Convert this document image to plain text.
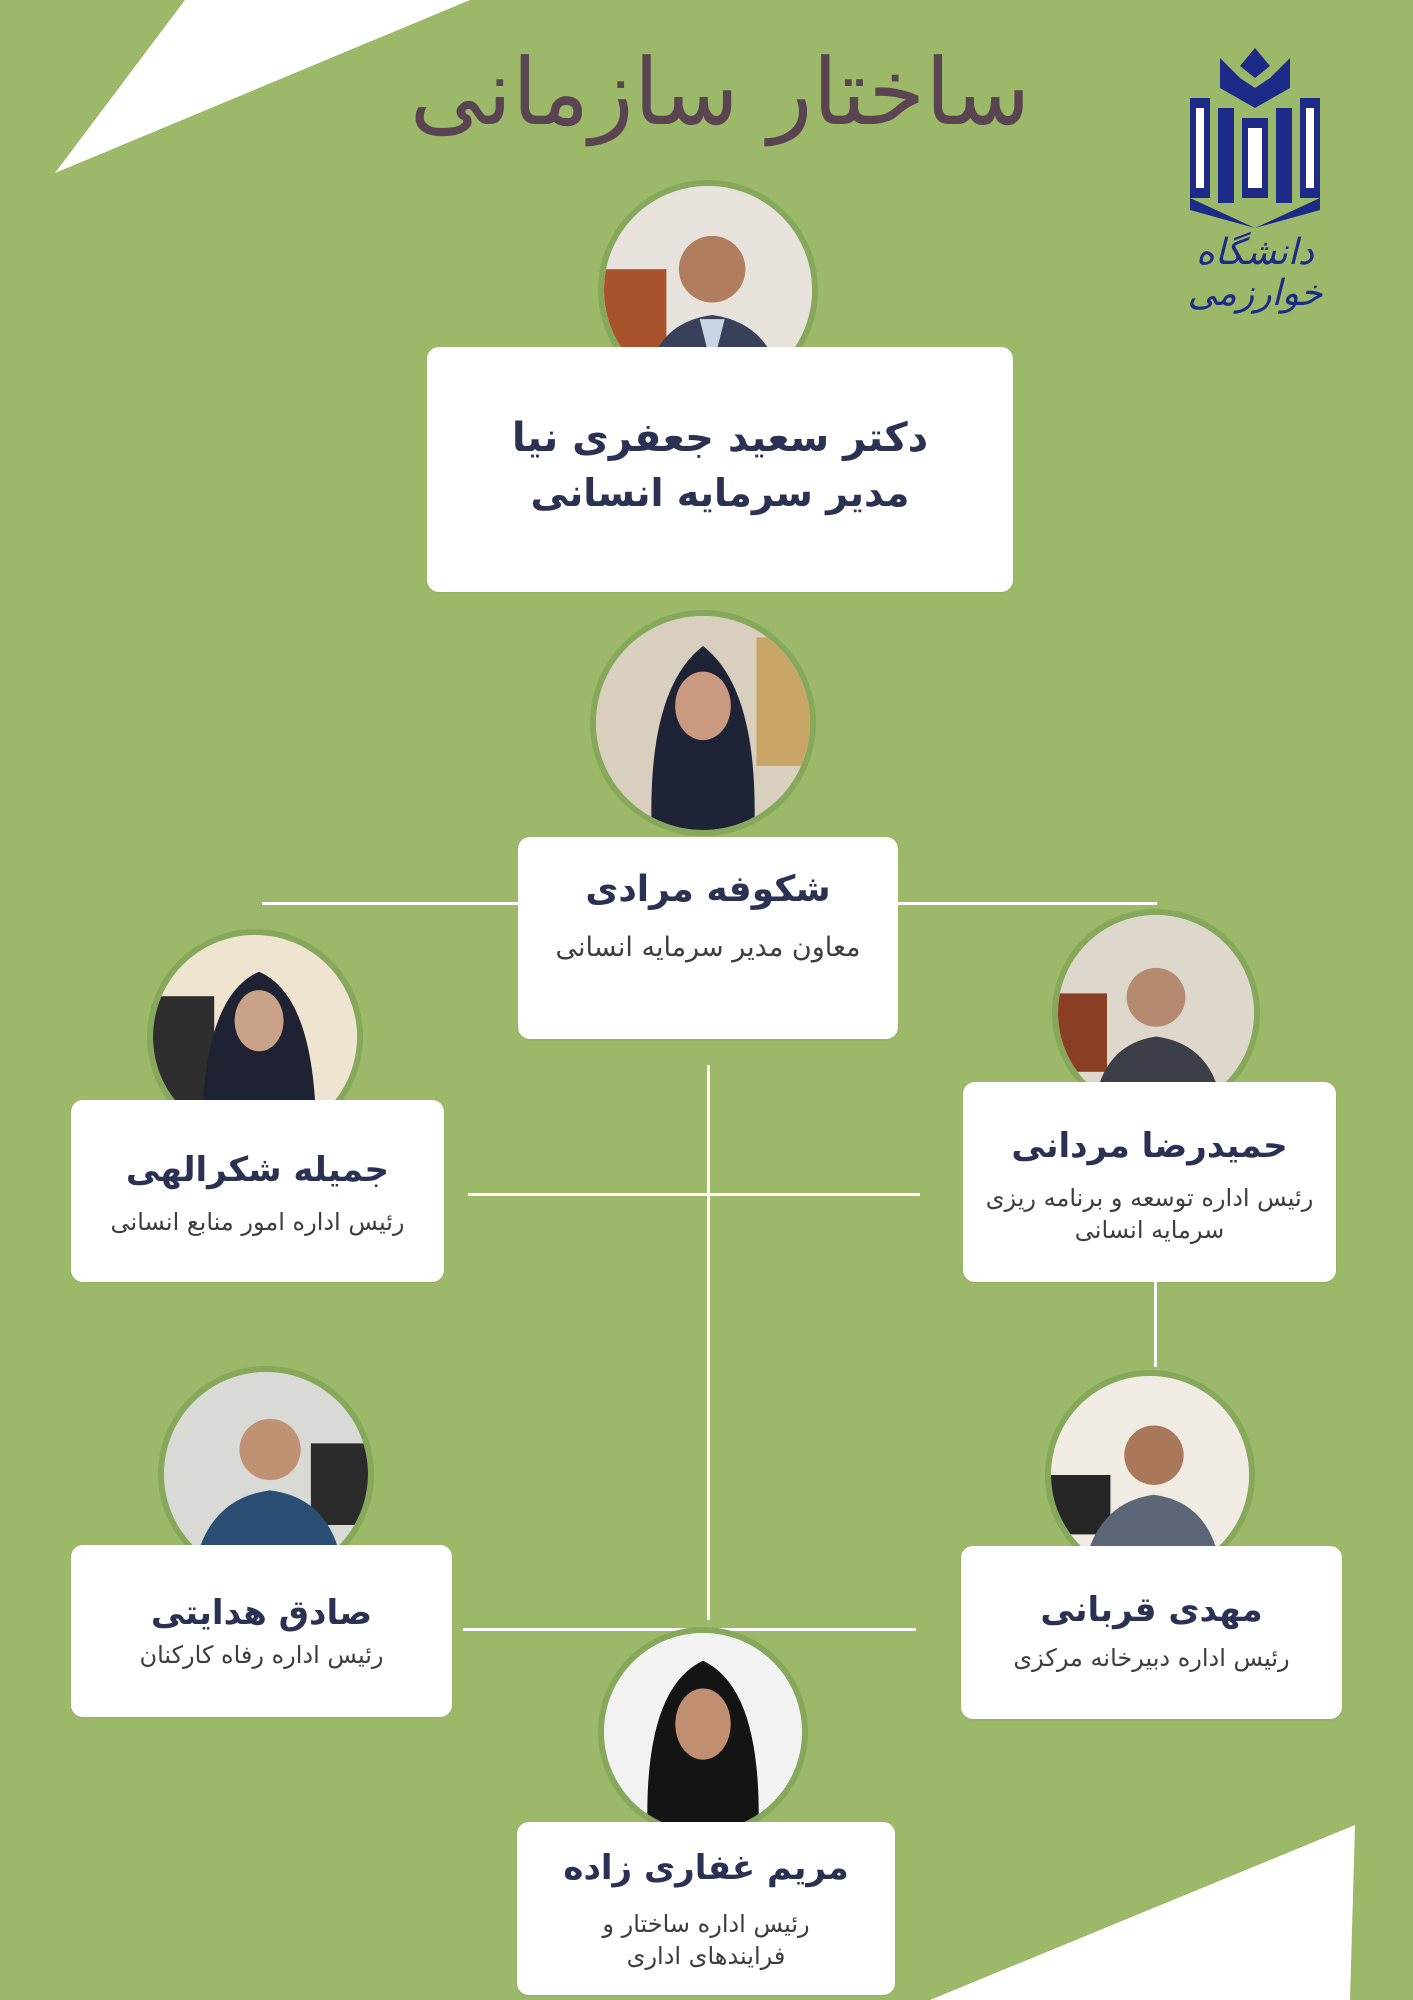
ساختار سازمانی
دانشگاه خوارزمی
دکتر سعید جعفری نیا
مدیر سرمایه انسانی
شکوفه مرادی
معاون مدیر سرمایه انسانی
جمیله شکرالهی
رئیس اداره امور منابع انسانی
حمیدرضا مردانی
رئیس اداره توسعه و برنامه ریزی
سرمایه انسانی
صادق هدایتی
رئیس اداره رفاه کارکنان
مهدی قربانی
رئیس اداره دبیرخانه مرکزی
مریم غفاری زاده
رئیس اداره ساختار و
فرایندهای اداری
